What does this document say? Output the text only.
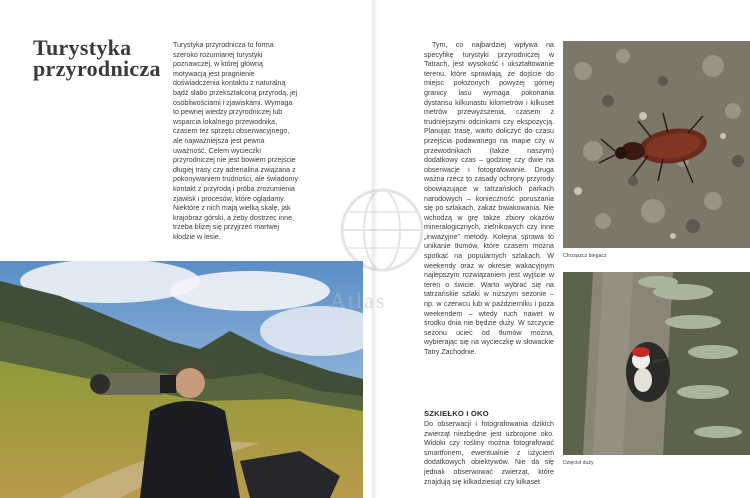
Turystyka przyrodnicza

Turystyka przyrodnicza to forma szeroko rozumianej turystyki poznawczej, w której główną motywacją jest pragnienie doświadczenia kontaktu z naturalną bądź słabo przekształconą przyrodą, jej osobliwościami i zjawiskami. Wymaga to pewnej wiedzy przyrodniczej lub wsparcia lokalnego przewodnika, czasem też sprzętu obserwacyjnego, ale najważniejsza jest pewna uważność. Celem wycieczki przyrodniczej nie jest bowiem przejście długiej trasy czy adrenalina związana z pokonywaniem trudności, ale świadomy kontakt z przyrodą i próba zrozumienia zjawisk i procesów, które oglądamy. Niektóre z nich mają wielką skalę, jak krajobraz górski, a żeby dostrzec inne, trzeba bliżej się przyjrzeć martwej kłodzie w lesie.

Tym, co najbardziej wpływa na specyfikę turystyki przyrodniczej w Tatrach, jest wysokość i ukształtowanie terenu, które sprawiają, że dojście do miejsc położonych powyżej górnej granicy lasu wymaga pokonania dystansu kilkunastu kilometrów i kilkuset metrów przewyższenia, czasem z trudniejszymi odcinkami czy ekspozycją. Planując trasę, warto doliczyć do czasu przejścia podawanego na mapie czy w przewodnikach (także naszym) dodatkowy czas – godzinę czy dwie na obserwacje i fotografowanie. Druga ważna rzecz to zasady ochrony przyrody obowiązujące w tatrzańskich parkach narodowych – konieczność poruszania się po szlakach, zakaz biwakowania. Nie wchodzą w grę także zbiory okazów mineralogicznych, zielnikowych czy inne „inwazyjne” metody. Kolejna sprawa to unikanie tłumów, które czasem można spotkać na popularnych szlakach. W weekendy oraz w okresie wakacyjnym najlepszym rozwiązaniem jest wyjście w teren o świcie. Warto wybrać się na tatrzańskie szlaki w niższym sezonie – np. w czerwcu lub w październiku i poza weekendem – wtedy ruch nawet w środku dnia nie będzie duży. W szczycie sezonu uciec od tłumów można, wybierając się na wycieczkę w słowackie Tatry Zachodnie.

SZKIEŁKO I OKO

Do obserwacji i fotografowania dzikich zwierząt niezbędne jest uzbrojone oko. Widoki czy rośliny można fotografować smartfonem, ewentualnie z użyciem dodatkowych obiektywów. Nie da się jednak obserwować zwierząt, które znajdują się kilkadziesiąt czy kilkaset

Chrząszcz biegacz
Dzięcioł duży
Atlas
